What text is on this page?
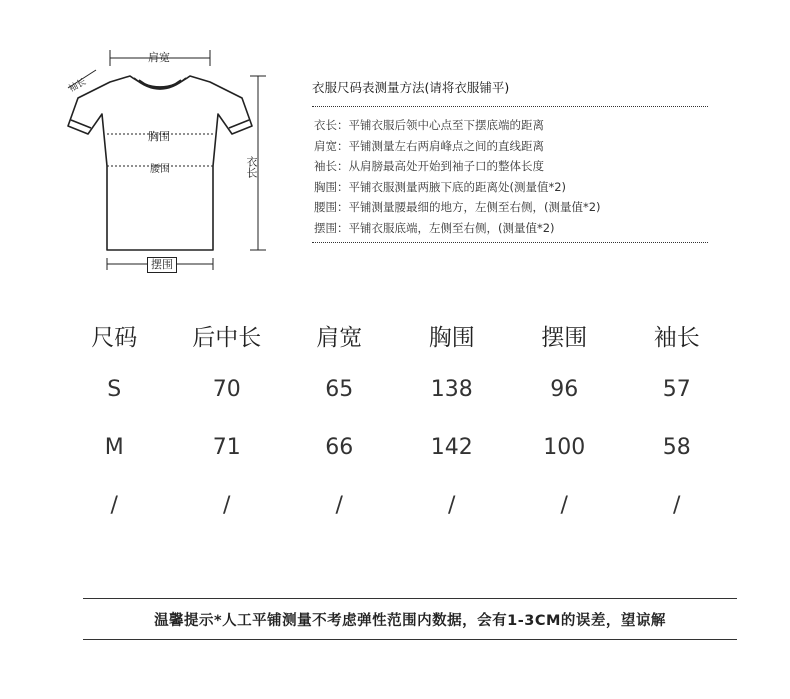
肩宽
袖长
胸围
腰围	衣长
摆围
衣服尺码表测量方法(请将衣服铺平)
衣长：平铺衣服后领中心点至下摆底端的距离
肩宽：平铺测量左右两肩峰点之间的直线距离
袖长：从肩膀最高处开始到袖子口的整体长度
胸围：平铺衣服测量两腋下底的距离处(测量值*2)
腰围：平铺测量腰最细的地方，左侧至右侧，(测量值*2)
摆围：平铺衣服底端，左侧至右侧，(测量值*2)
尺码	后中长	肩宽	胸围	摆围	袖长
S	70	65	138	96	57
M	71	66	142	100	58
/	/	/	/	/	/
温馨提示*人工平铺测量不考虑弹性范围内数据，会有1-3CM的误差，望谅解
